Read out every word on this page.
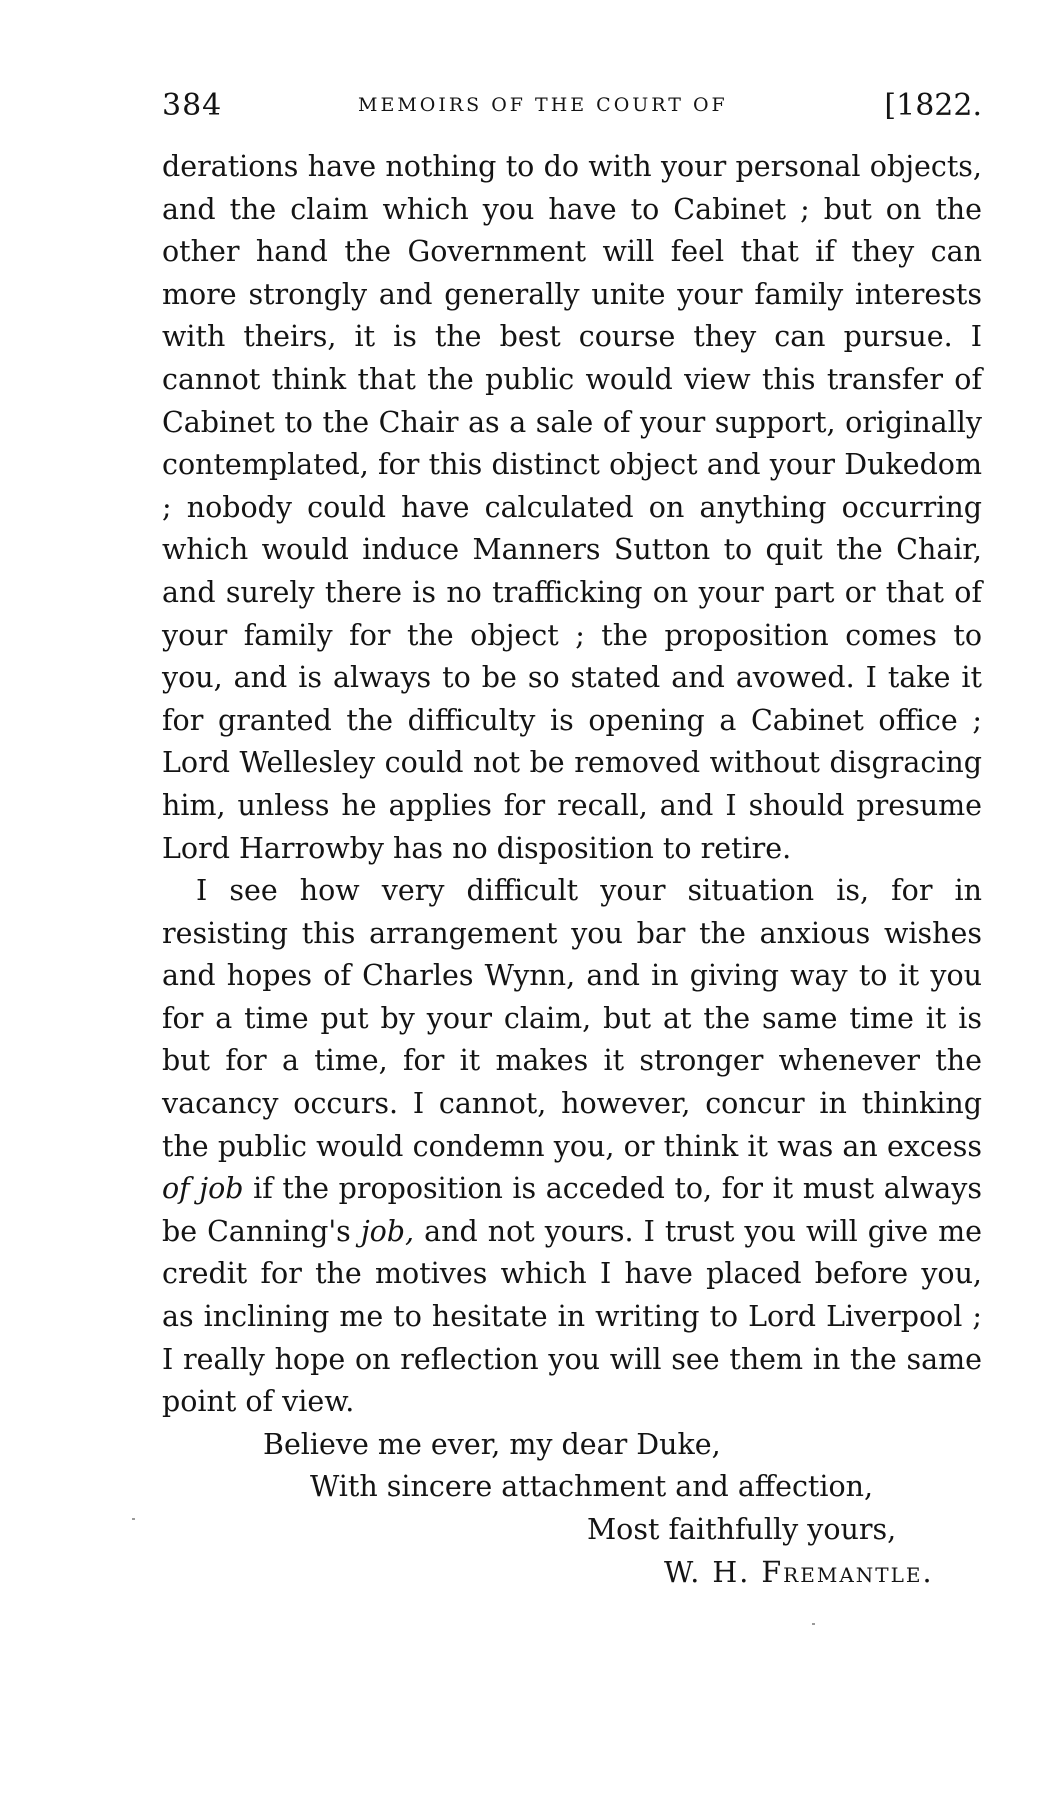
384	MEMOIRS OF THE COURT OF	[1822.

derations have nothing to do with your personal objects, and the claim which you have to Cabinet ; but on the other hand the Government will feel that if they can more strongly and generally unite your family interests with theirs, it is the best course they can pursue. I cannot think that the public would view this transfer of Cabinet to the Chair as a sale of your support, originally contemplated, for this distinct object and your Dukedom ; nobody could have calculated on anything occurring which would induce Manners Sutton to quit the Chair, and surely there is no trafficking on your part or that of your family for the object ; the proposition comes to you, and is always to be so stated and avowed. I take it for granted the difficulty is opening a Cabinet office ; Lord Wellesley could not be removed without disgracing him, unless he applies for recall, and I should presume Lord Harrowby has no disposition to retire.

I see how very difficult your situation is, for in resisting this arrangement you bar the anxious wishes and hopes of Charles Wynn, and in giving way to it you for a time put by your claim, but at the same time it is but for a time, for it makes it stronger whenever the vacancy occurs. I cannot, however, concur in thinking the public would condemn you, or think it was an excess of job if the proposition is acceded to, for it must always be Canning's job, and not yours. I trust you will give me credit for the motives which I have placed before you, as inclining me to hesitate in writing to Lord Liverpool ; I really hope on reflection you will see them in the same point of view.

Believe me ever, my dear Duke,

With sincere attachment and affection,

Most faithfully yours,

W. H. Fremantle.
